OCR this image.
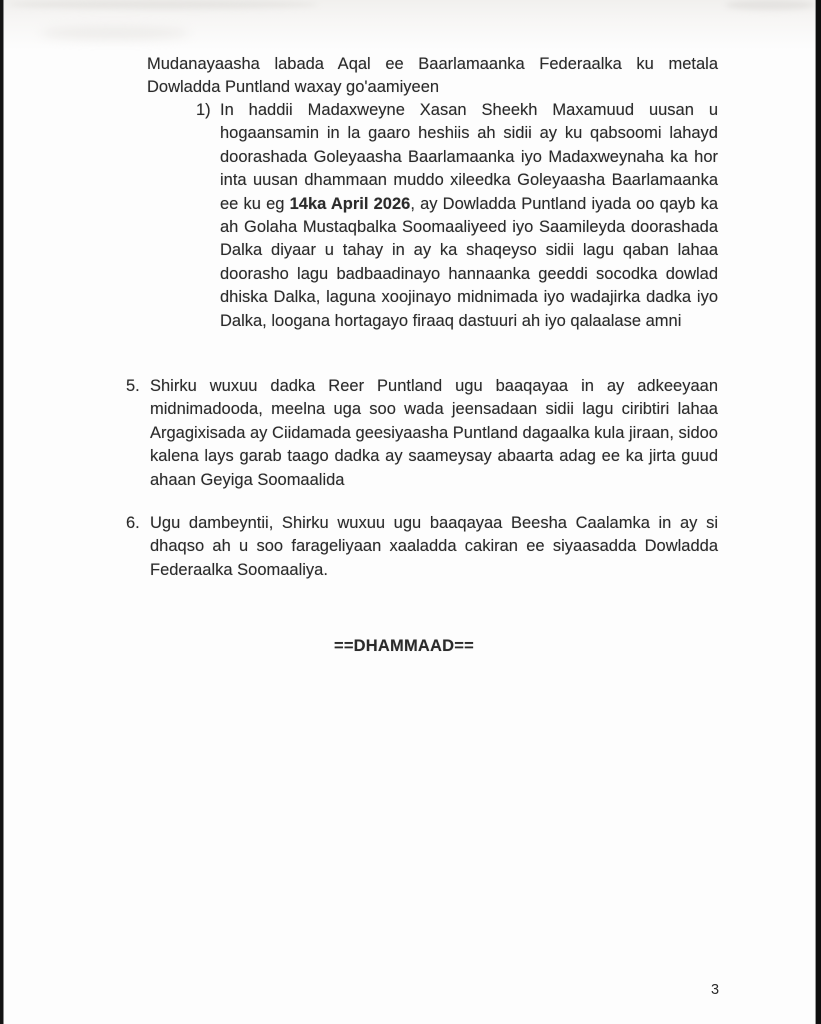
Mudanayaasha labada Aqal ee Baarlamaanka Federaalka ku metala Dowladda Puntland waxay go'aamiyeen

1) In haddii Madaxweyne Xasan Sheekh Maxamuud uusan u hogaansamin in la gaaro heshiis ah sidii ay ku qabsoomi lahayd doorashada Goleyaasha Baarlamaanka iyo Madaxweynaha ka hor inta uusan dhammaan muddo xileedka Goleyaasha Baarlamaanka ee ku eg 14ka April 2026, ay Dowladda Puntland iyada oo qayb ka ah Golaha Mustaqbalka Soomaaliyeed iyo Saamileyda doorashada Dalka diyaar u tahay in ay ka shaqeyso sidii lagu qaban lahaa doorasho lagu badbaadinayo hannaanka geeddi socodka dowlad dhiska Dalka, laguna xoojinayo midnimada iyo wadajirka dadka iyo Dalka, loogana hortagayo firaaq dastuuri ah iyo qalaalase amni

5. Shirku wuxuu dadka Reer Puntland ugu baaqayaa in ay adkeeyaan midnimadooda, meelna uga soo wada jeensadaan sidii lagu ciribtiri lahaa Argagixisada ay Ciidamada geesiyaasha Puntland dagaalka kula jiraan, sidoo kalena lays garab taago dadka ay saameysay abaarta adag ee ka jirta guud ahaan Geyiga Soomaalida

6. Ugu dambeyntii, Shirku wuxuu ugu baaqayaa Beesha Caalamka in ay si dhaqso ah u soo farageliyaan xaaladda cakiran ee siyaasadda Dowladda Federaalka Soomaaliya.

==DHAMMAAD==
3
